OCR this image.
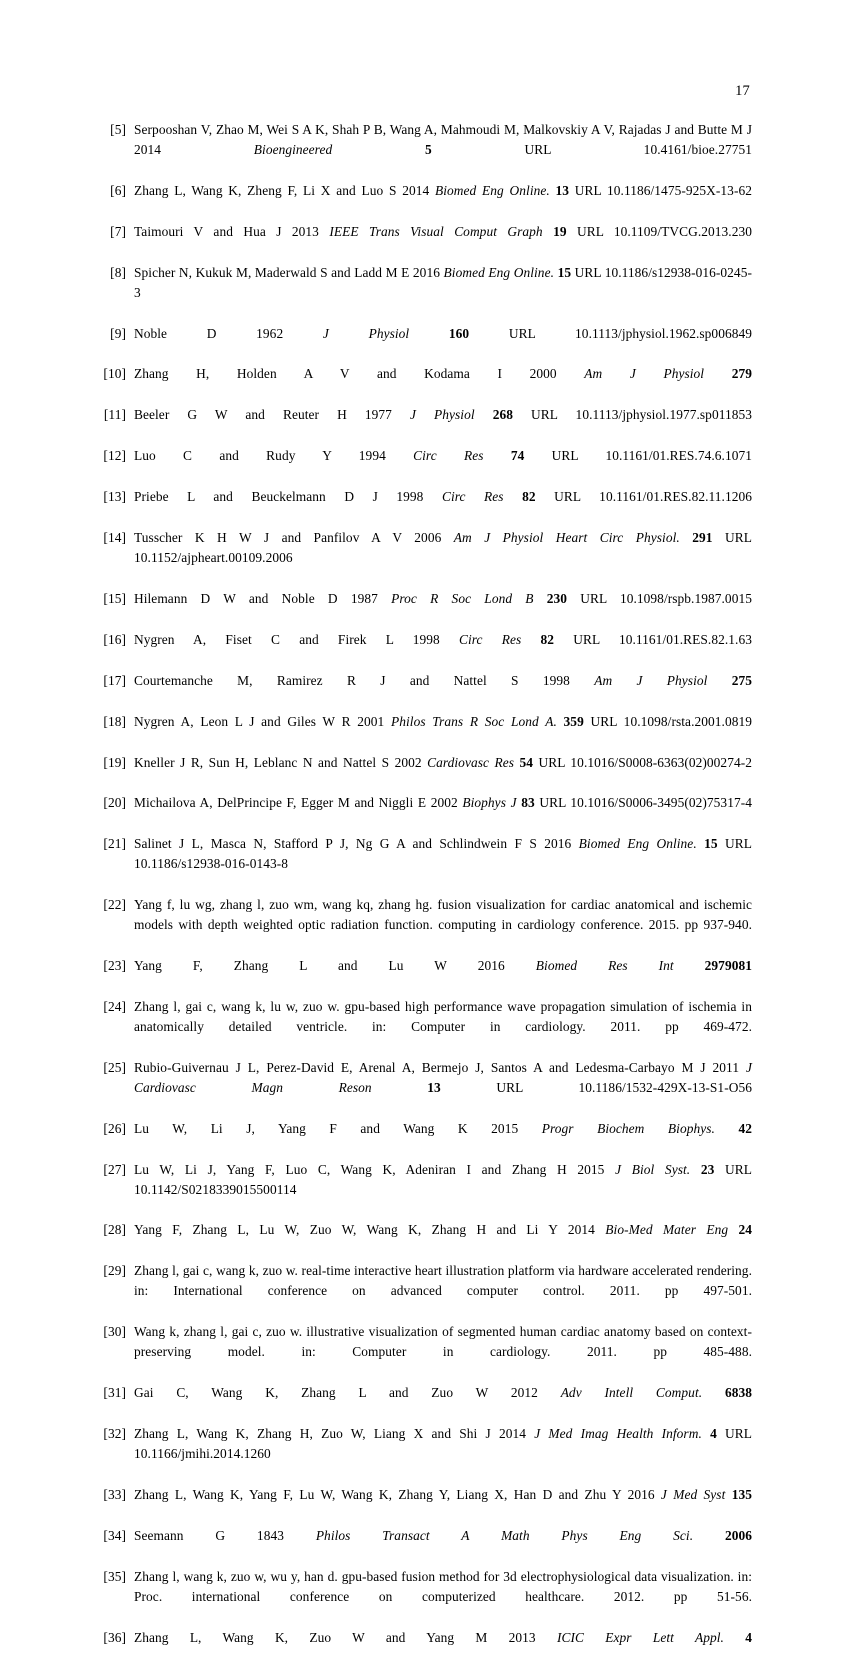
17
[5] Serpooshan V, Zhao M, Wei S A K, Shah P B, Wang A, Mahmoudi M, Malkovskiy A V, Rajadas J and Butte M J 2014 Bioengineered	5 URL 10.4161/bioe.27751
[6] Zhang L, Wang K, Zheng F, Li X and Luo S 2014 Biomed Eng Online. 13 URL 10.1186/1475-925X-13-62
[7] Taimouri V and Hua J 2013 IEEE Trans Visual Comput Graph 19 URL 10.1109/TVCG.2013.230
[8] Spicher N, Kukuk M, Maderwald S and Ladd M E 2016 Biomed Eng Online. 15 URL 10.1186/s12938-016-0245-3
[9] Noble D 1962 J Physiol	160 URL 10.1113/jphysiol.1962.sp006849
[10] Zhang H, Holden A V and Kodama I 2000 Am J Physiol 279
[11] Beeler G W and Reuter H 1977 J Physiol 268 URL 10.1113/jphysiol.1977.sp011853
[12] Luo C and Rudy Y 1994 Circ Res 74 URL 10.1161/01.RES.74.6.1071
[13] Priebe L and Beuckelmann D J 1998 Circ Res 82 URL 10.1161/01.RES.82.11.1206
[14] Tusscher K H W J and Panfilov A V 2006 Am J Physiol Heart Circ Physiol. 291 URL 10.1152/ajpheart.00109.2006
[15] Hilemann D W and Noble D 1987 Proc R Soc Lond B 230 URL 10.1098/rspb.1987.0015
[16] Nygren A, Fiset C and Firek L 1998 Circ Res 82 URL 10.1161/01.RES.82.1.63
[17] Courtemanche M, Ramirez R J and Nattel S 1998 Am J Physiol 275
[18] Nygren A, Leon L J and Giles W R 2001 Philos Trans R Soc Lond A. 359 URL 10.1098/rsta.2001.0819
[19] Kneller J R, Sun H, Leblanc N and Nattel S 2002 Cardiovasc Res 54 URL 10.1016/S0008-6363(02)00274-2
[20] Michailova A, DelPrincipe F, Egger M and Niggli E 2002 Biophys J 83 URL 10.1016/S0006-3495(02)75317-4
[21] Salinet J L, Masca N, Stafford P J, Ng G A and Schlindwein F S 2016 Biomed Eng Online. 15 URL 10.1186/s12938-016-0143-8
[22] Yang f, lu wg, zhang l, zuo wm, wang kq, zhang hg. fusion visualization for cardiac anatomical and ischemic models with depth weighted optic radiation function. computing in cardiology conference. 2015. pp 937-940.
[23] Yang F, Zhang L and Lu W 2016 Biomed Res Int 2979081
[24] Zhang l, gai c, wang k, lu w, zuo w. gpu-based high performance wave propagation simulation of ischemia in anatomically detailed ventricle. in: Computer in cardiology. 2011. pp 469-472.
[25] Rubio-Guivernau J L, Perez-David E, Arenal A, Bermejo J, Santos A and Ledesma-Carbayo M J 2011 J Cardiovasc Magn Reson	13 URL 10.1186/1532-429X-13-S1-O56
[26] Lu W, Li J, Yang F and Wang K 2015 Progr Biochem Biophys. 42
[27] Lu W, Li J, Yang F, Luo C, Wang K, Adeniran I and Zhang H 2015 J Biol Syst. 23 URL 10.1142/S0218339015500114
[28] Yang F, Zhang L, Lu W, Zuo W, Wang K, Zhang H and Li Y 2014 Bio-Med Mater Eng 24
[29] Zhang l, gai c, wang k, zuo w. real-time interactive heart illustration platform via hardware accelerated rendering. in: International conference on advanced computer control. 2011. pp 497-501.
[30] Wang k, zhang l, gai c, zuo w. illustrative visualization of segmented human cardiac anatomy based on context-preserving model. in: Computer in cardiology. 2011. pp 485-488.
[31] Gai C, Wang K, Zhang L and Zuo W 2012 Adv Intell Comput. 6838
[32] Zhang L, Wang K, Zhang H, Zuo W, Liang X and Shi J 2014 J Med Imag Health Inform. 4 URL 10.1166/jmihi.2014.1260
[33] Zhang L, Wang K, Yang F, Lu W, Wang K, Zhang Y, Liang X, Han D and Zhu Y 2016 J Med Syst 135
[34] Seemann G 1843 Philos Transact A Math Phys Eng Sci. 2006
[35] Zhang l, wang k, zuo w, wu y, han d. gpu-based fusion method for 3d electrophysiological data visualization. in: Proc. international conference on computerized healthcare. 2012. pp 51-56.
[36] Zhang L, Wang K, Zuo W and Yang M 2013 ICIC Expr Lett Appl. 4
